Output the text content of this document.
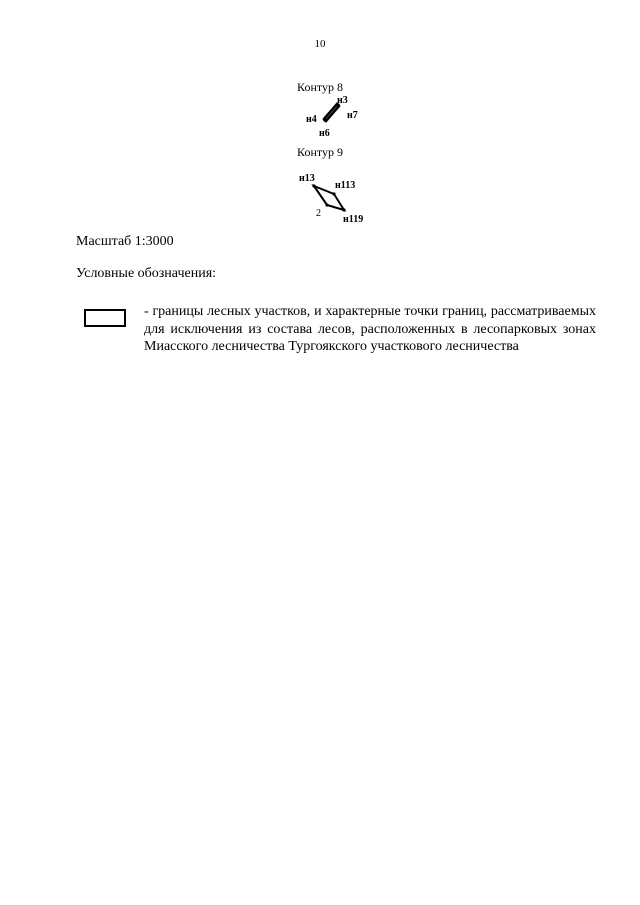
10
Контур 8
н3
н7
н4
н6
н13
н113
2
н119
Контур 9
Масштаб 1:3000
Условные обозначения:
- границы лесных участков, и характерные точки границ, рассматриваемых для исключения из состава лесов, расположенных в лесопарковых зонах Миасского лесничества Тургоякского участкового лесничества
